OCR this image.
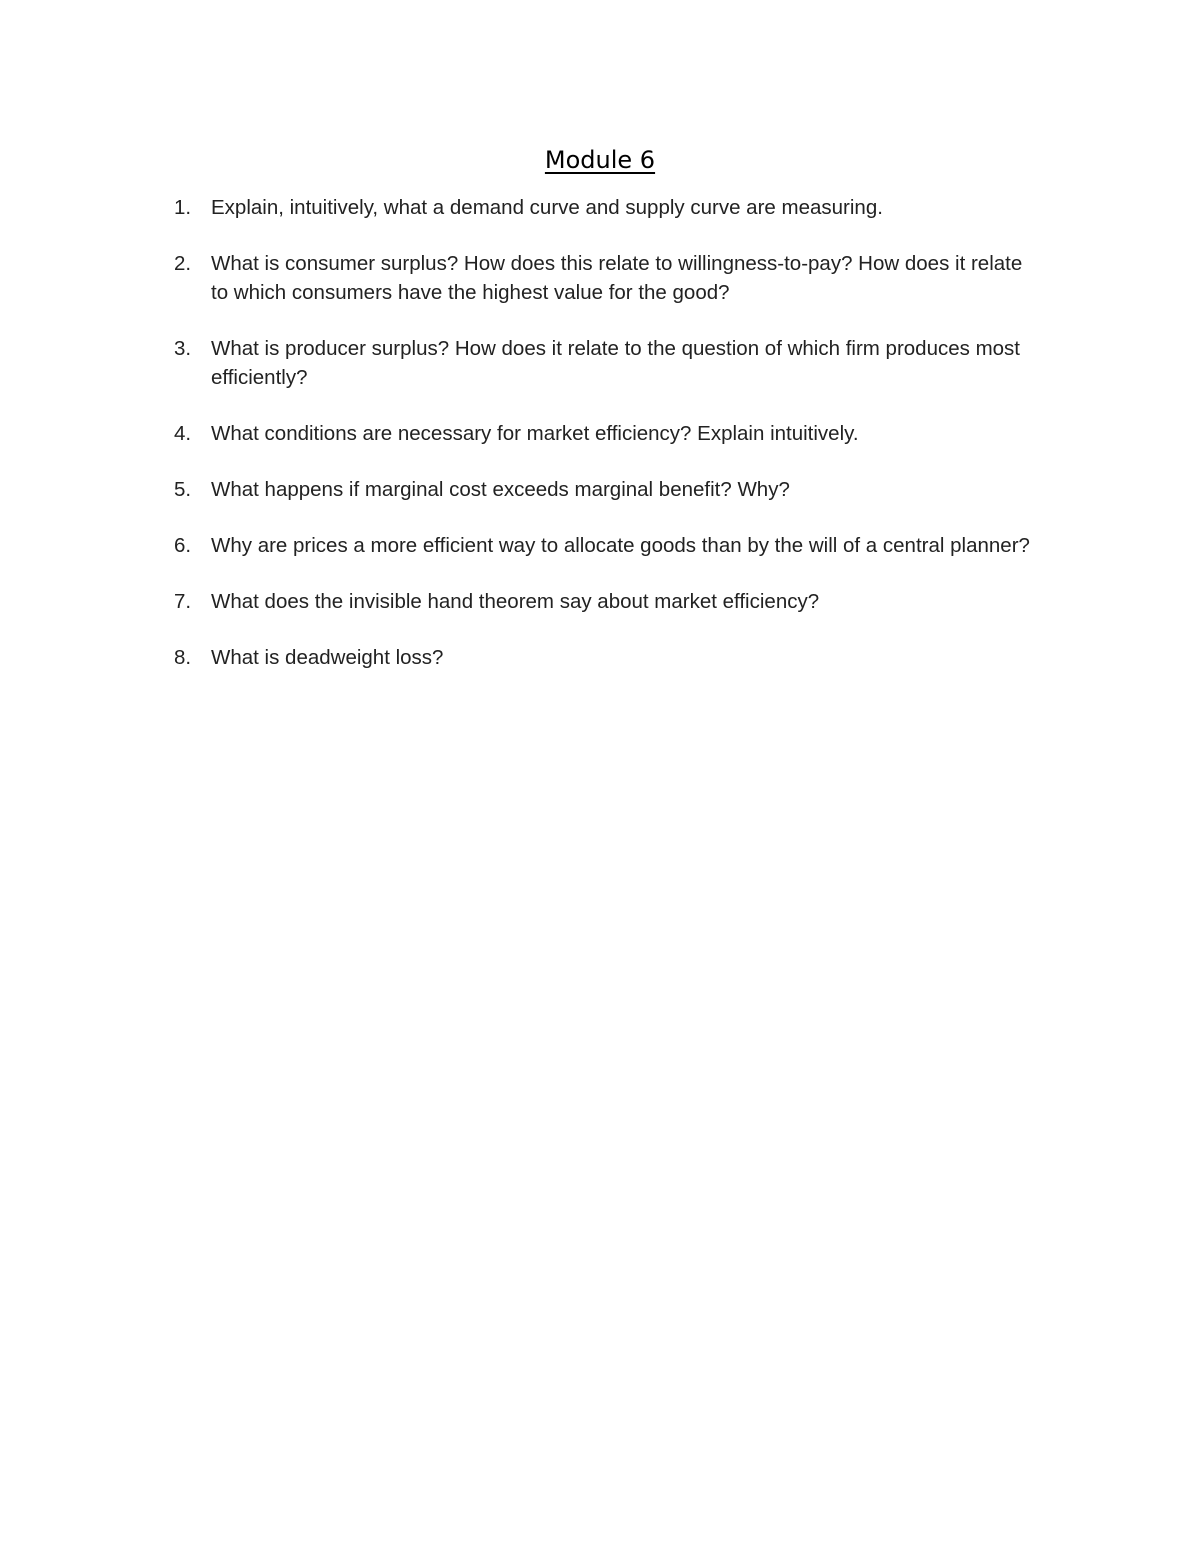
Module 6
1. Explain, intuitively, what a demand curve and supply curve are measuring.
2. What is consumer surplus? How does this relate to willingness-to-pay? How does it relate to which consumers have the highest value for the good?
3. What is producer surplus? How does it relate to the question of which firm produces most efficiently?
4. What conditions are necessary for market efficiency? Explain intuitively.
5. What happens if marginal cost exceeds marginal benefit? Why?
6. Why are prices a more efficient way to allocate goods than by the will of a central planner?
7. What does the invisible hand theorem say about market efficiency?
8. What is deadweight loss?
